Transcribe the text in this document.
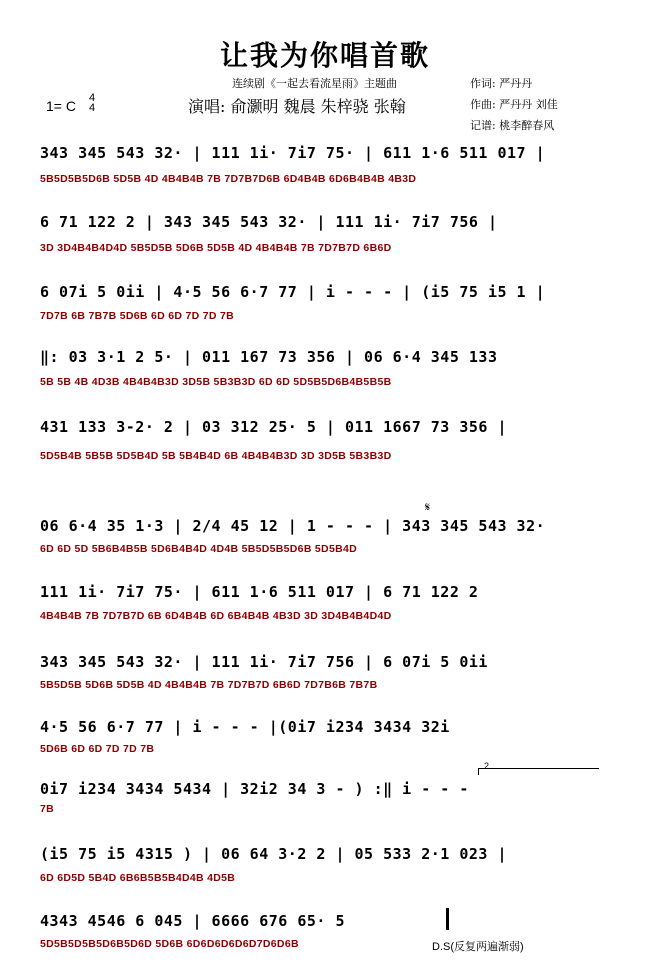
让我为你唱首歌
连续剧《一起去看流星雨》主题曲
1= C 4
4	演唱: 俞灏明 魏晨 朱梓骁 张翰
作词: 严丹丹
作曲: 严丹丹 刘佳
记谱: 桃李醉春风
343 345 543 32· | 111 1i· 7i7 75· | 611 1·6 511 017 |
5B5D5B5D6B 5D5B 4D 4B4B4B 7B 7D7B7D6B 6D4B4B 6D6B4B4B 4B3D
6 71 122 2 | 343 345 543 32· | 111 1i· 7i7 756 |
3D 3D4B4B4D4D 5B5D5B 5D6B 5D5B 4D 4B4B4B 7B 7D7B7D 6B6D
6 07i 5 0ii | 4·5 56 6·7 77 | i - - - | (i5 75 i5 1 |
7D7B 6B 7B7B 5D6B 6D 6D 7D 7D 7B
‖: 03 3·1 2 5· | 011 167 73 356 | 06 6·4 345 133
5B 5B 4B 4D3B 4B4B4B3D 3D5B 5B3B3D 6D 6D 5D5B5D6B4B5B5B
431 133 3-2· 2 | 03 312 25· 5 | 011 1667 73 356 |
5D5B4B 5B5B 5D5B4D 5B 5B4B4D 6B 4B4B4B3D 3D 3D5B 5B3B3D
𝄋
06 6·4 35 1·3 | 2/4 45 12 | 1 - - - | 343 345 543 32·
6D 6D 5D 5B6B4B5B 5D6B4B4D 4D4B 5B5D5B5D6B 5D5B4D
111 1i· 7i7 75· | 611 1·6 511 017 | 6 71 122 2
4B4B4B 7B 7D7B7D 6B 6D4B4B 6D 6B4B4B 4B3D 3D 3D4B4B4D4D
343 345 543 32· | 111 1i· 7i7 756 | 6 07i 5 0ii
5B5D5B 5D6B 5D5B 4D 4B4B4B 7B 7D7B7D 6B6D 7D7B6B 7B7B
4·5 56 6·7 77 | i - - - |(0i7 i234 3434 32i
5D6B 6D 6D 7D 7D 7B
2
0i7 i234 3434 5434 | 32i2 34 3 - ) :‖ i - - -
7B
(i5 75 i5 4315 ) | 06 64 3·2 2 | 05 533 2·1 023 |
6D 6D5D 5B4D 6B6B5B5B4D4B 4D5B
4343 4546 6 045 | 6666 676 65· 5
5D5B5D5B5D6B5D6D 5D6B 6D6D6D6D6D7D6D6B	D.S(反复两遍渐弱)
